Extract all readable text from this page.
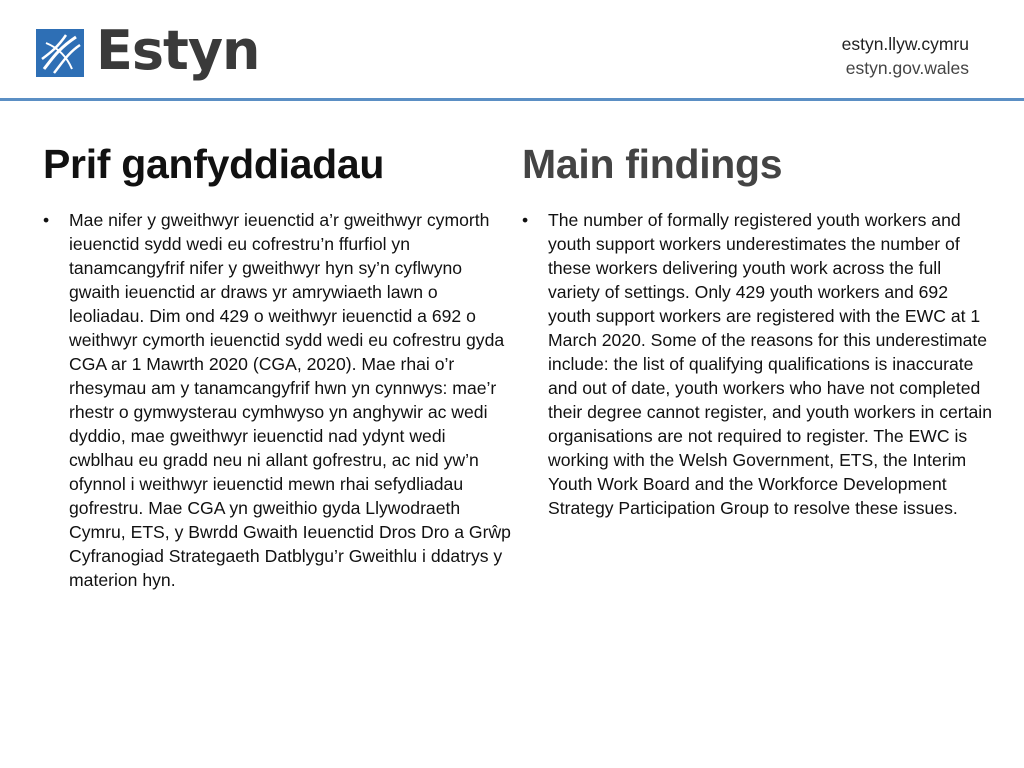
Estyn	estyn.llyw.cymru
estyn.gov.wales
Prif ganfyddiadau
•	Mae nifer y gweithwyr ieuenctid a’r gweithwyr cymorth ieuenctid sydd wedi eu cofrestru’n ffurfiol yn tanamcangyfrif nifer y gweithwyr hyn sy’n cyflwyno gwaith ieuenctid ar draws yr amrywiaeth lawn o leoliadau. Dim ond 429 o weithwyr ieuenctid a 692 o weithwyr cymorth ieuenctid sydd wedi eu cofrestru gyda CGA ar 1 Mawrth 2020 (CGA, 2020). Mae rhai o’r rhesymau am y tanamcangyfrif hwn yn cynnwys: mae’r rhestr o gymwysterau cymhwyso yn anghywir ac wedi dyddio, mae gweithwyr ieuenctid nad ydynt wedi cwblhau eu gradd neu ni allant gofrestru, ac nid yw’n ofynnol i weithwyr ieuenctid mewn rhai sefydliadau gofrestru. Mae CGA yn gweithio gyda Llywodraeth Cymru, ETS, y Bwrdd Gwaith Ieuenctid Dros Dro a Grŵp Cyfranogiad Strategaeth Datblygu’r Gweithlu i ddatrys y materion hyn.
Main findings
•	The number of formally registered youth workers and youth support workers underestimates the number of these workers delivering youth work across the full variety of settings. Only 429 youth workers and 692 youth support workers are registered with the EWC at 1 March 2020. Some of the reasons for this underestimate include: the list of qualifying qualifications is inaccurate and out of date, youth workers who have not completed their degree cannot register, and youth workers in certain organisations are not required to register. The EWC is working with the Welsh Government, ETS, the Interim Youth Work Board and the Workforce Development Strategy Participation Group to resolve these issues.
